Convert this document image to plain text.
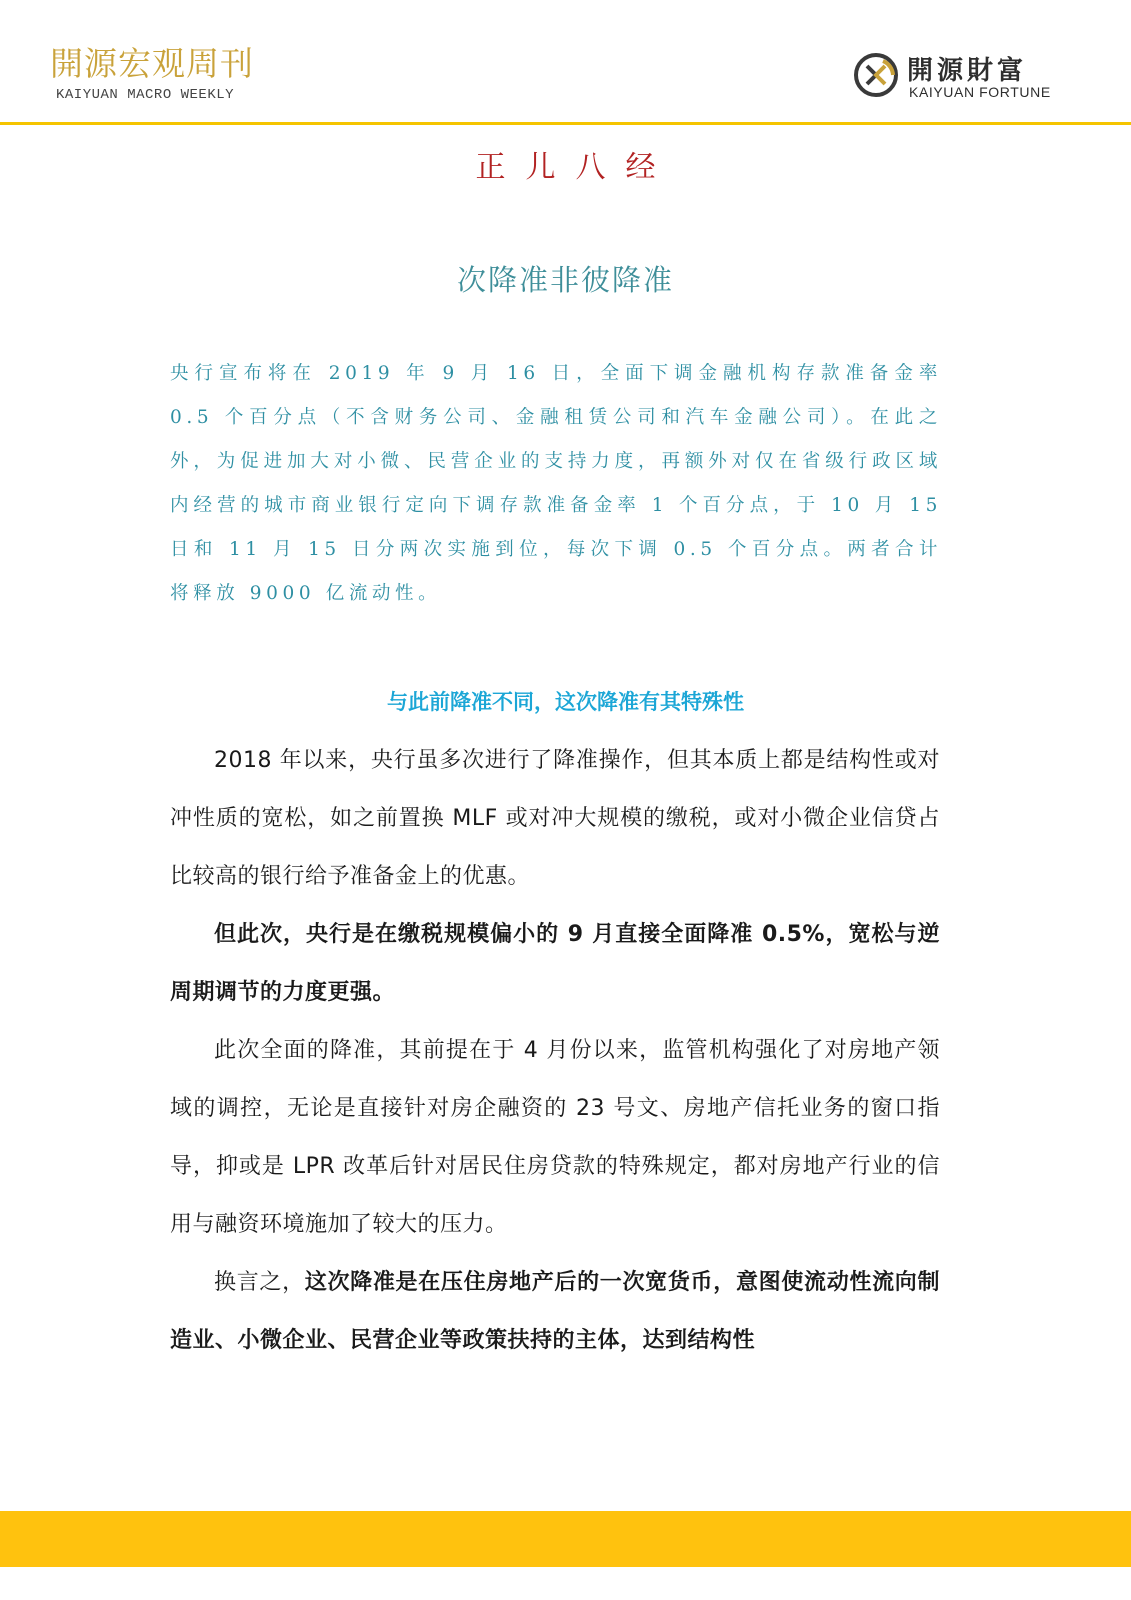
開源宏观周刊
KAIYUAN MACRO WEEKLY
開源財富
KAIYUAN FORTUNE
正儿八经
次降准非彼降准

央行宣布将在 2019 年 9 月 16 日，全面下调金融机构存款准备金率 0.5 个百分点（不含财务公司、金融租赁公司和汽车金融公司）。在此之外，为促进加大对小微、民营企业的支持力度，再额外对仅在省级行政区域内经营的城市商业银行定向下调存款准备金率 1 个百分点，于 10 月 15 日和 11 月 15 日分两次实施到位，每次下调 0.5 个百分点。两者合计将释放 9000 亿流动性。

与此前降准不同，这次降准有其特殊性

2018 年以来，央行虽多次进行了降准操作，但其本质上都是结构性或对冲性质的宽松，如之前置换 MLF 或对冲大规模的缴税，或对小微企业信贷占比较高的银行给予准备金上的优惠。

但此次，央行是在缴税规模偏小的 9 月直接全面降准 0.5%，宽松与逆周期调节的力度更强。

此次全面的降准，其前提在于 4 月份以来，监管机构强化了对房地产领域的调控，无论是直接针对房企融资的 23 号文、房地产信托业务的窗口指导，抑或是 LPR 改革后针对居民住房贷款的特殊规定，都对房地产行业的信用与融资环境施加了较大的压力。

换言之，这次降准是在压住房地产后的一次宽货币，意图使流动性流向制造业、小微企业、民营企业等政策扶持的主体，达到结构性
